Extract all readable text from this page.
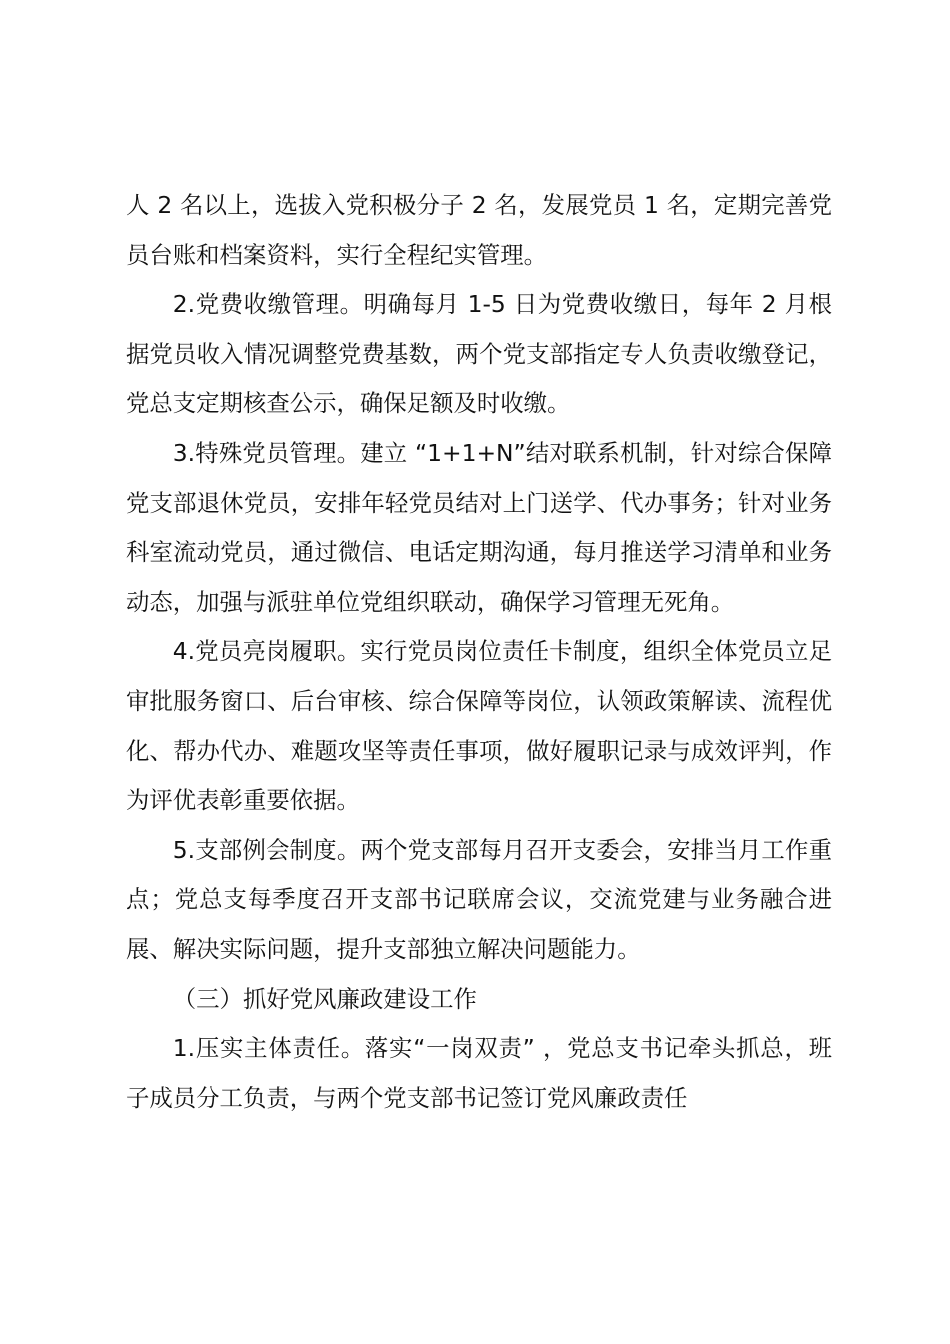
人 2 名以上，选拔入党积极分子 2 名，发展党员 1 名，定期完善党员台账和档案资料，实行全程纪实管理。

2.党费收缴管理。明确每月 1-5 日为党费收缴日，每年 2 月根据党员收入情况调整党费基数，两个党支部指定专人负责收缴登记，党总支定期核查公示，确保足额及时收缴。

3.特殊党员管理。建立 “1+1+N”结对联系机制，针对综合保障党支部退休党员，安排年轻党员结对上门送学、代办事务；针对业务科室流动党员，通过微信、电话定期沟通，每月推送学习清单和业务动态，加强与派驻单位党组织联动，确保学习管理无死角。

4.党员亮岗履职。实行党员岗位责任卡制度，组织全体党员立足审批服务窗口、后台审核、综合保障等岗位，认领政策解读、流程优化、帮办代办、难题攻坚等责任事项，做好履职记录与成效评判，作为评优表彰重要依据。

5.支部例会制度。两个党支部每月召开支委会，安排当月工作重点；党总支每季度召开支部书记联席会议，交流党建与业务融合进展、解决实际问题，提升支部独立解决问题能力。

（三）抓好党风廉政建设工作

1.压实主体责任。落实“一岗双责” ，党总支书记牵头抓总，班子成员分工负责，与两个党支部书记签订党风廉政责任
